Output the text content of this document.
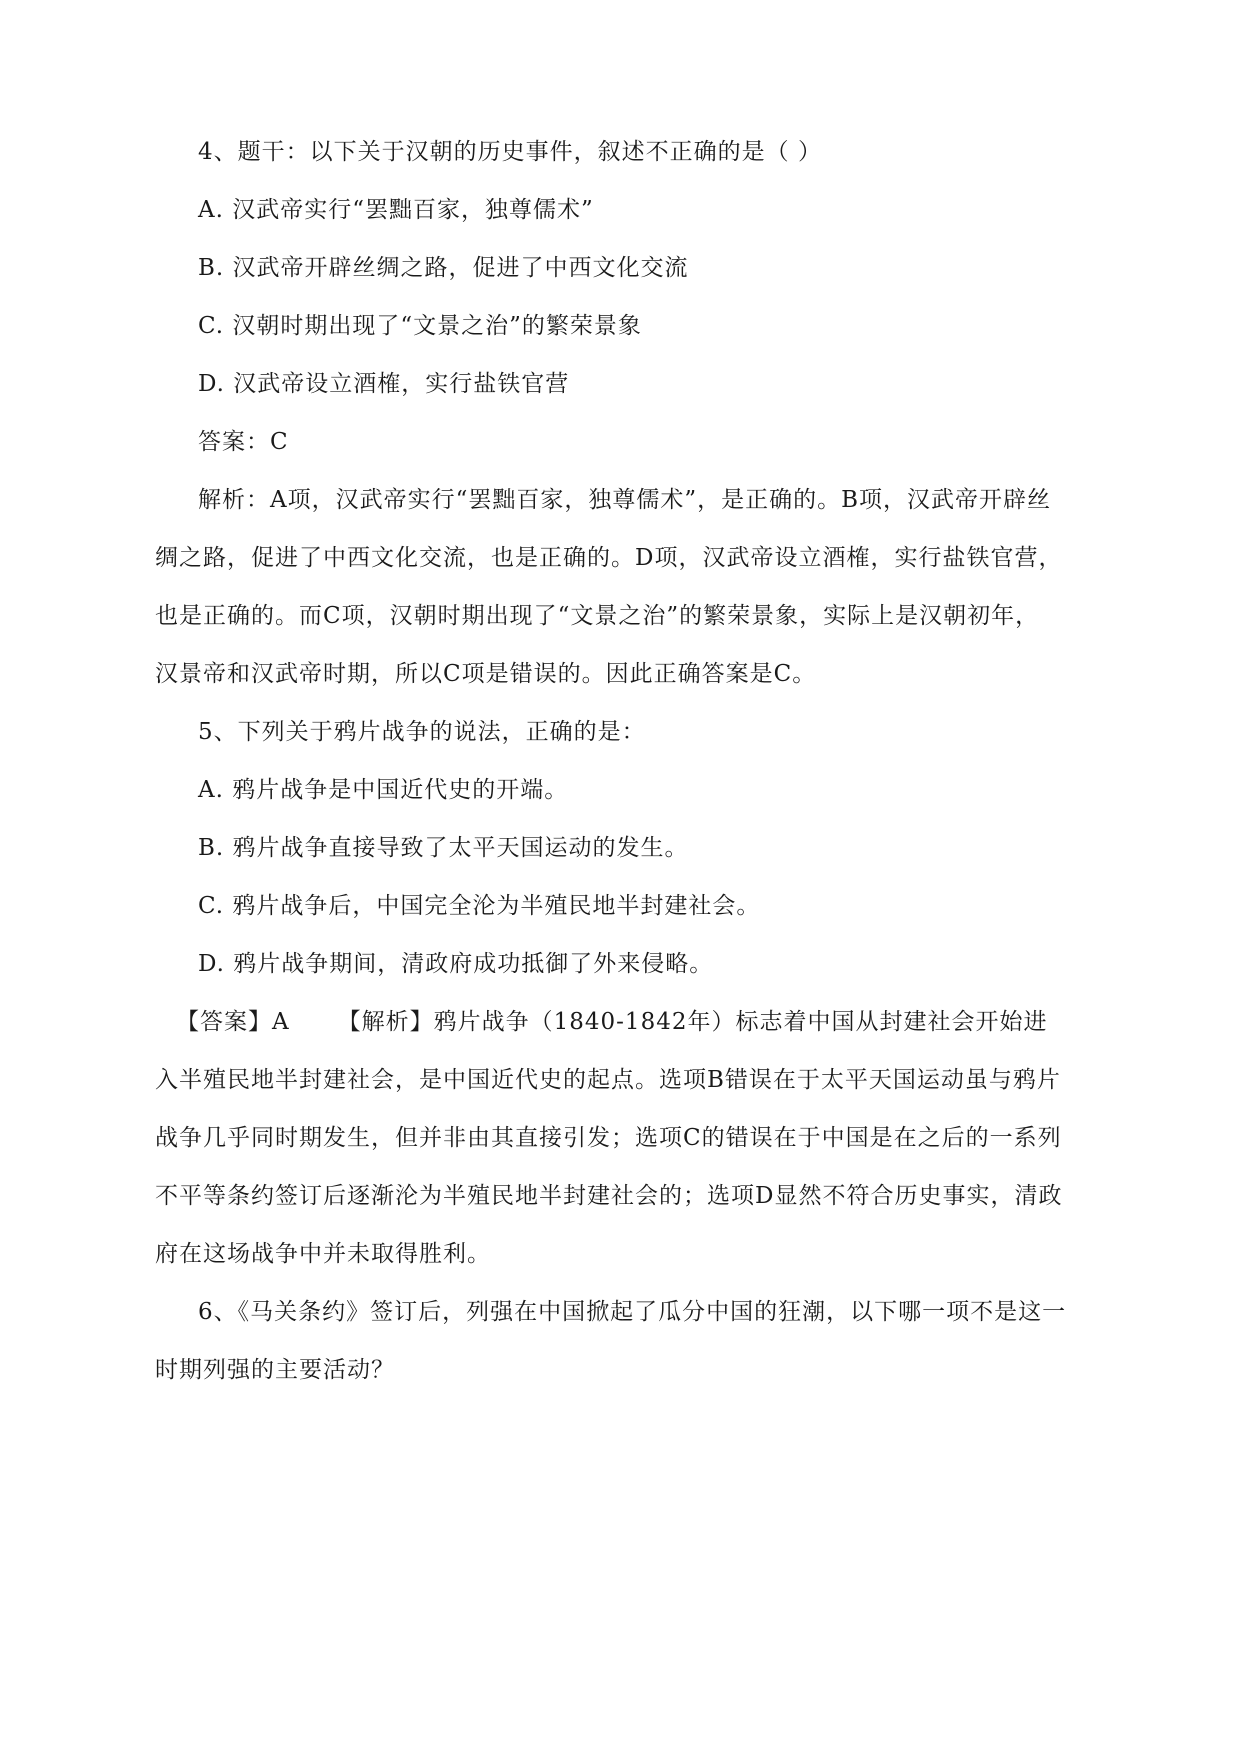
4、题干：以下关于汉朝的历史事件，叙述不正确的是（ ）
A. 汉武帝实行“罢黜百家，独尊儒术”
B. 汉武帝开辟丝绸之路，促进了中西文化交流
C. 汉朝时期出现了“文景之治”的繁荣景象
D. 汉武帝设立酒榷，实行盐铁官营
答案：C
解析：A项，汉武帝实行“罢黜百家，独尊儒术”，是正确的。B项，汉武帝开辟丝
绸之路，促进了中西文化交流，也是正确的。D项，汉武帝设立酒榷，实行盐铁官营，
也是正确的。而C项，汉朝时期出现了“文景之治”的繁荣景象，实际上是汉朝初年，
汉景帝和汉武帝时期，所以C项是错误的。因此正确答案是C。
5、下列关于鸦片战争的说法，正确的是：
A. 鸦片战争是中国近代史的开端。
B. 鸦片战争直接导致了太平天国运动的发生。
C. 鸦片战争后，中国完全沦为半殖民地半封建社会。
D. 鸦片战争期间，清政府成功抵御了外来侵略。
【答案】A 【解析】鸦片战争（1840-1842年）标志着中国从封建社会开始进
入半殖民地半封建社会，是中国近代史的起点。选项B错误在于太平天国运动虽与鸦片
战争几乎同时期发生，但并非由其直接引发；选项C的错误在于中国是在之后的一系列
不平等条约签订后逐渐沦为半殖民地半封建社会的；选项D显然不符合历史事实，清政
府在这场战争中并未取得胜利。
6、《马关条约》签订后，列强在中国掀起了瓜分中国的狂潮，以下哪一项不是这一
时期列强的主要活动？
